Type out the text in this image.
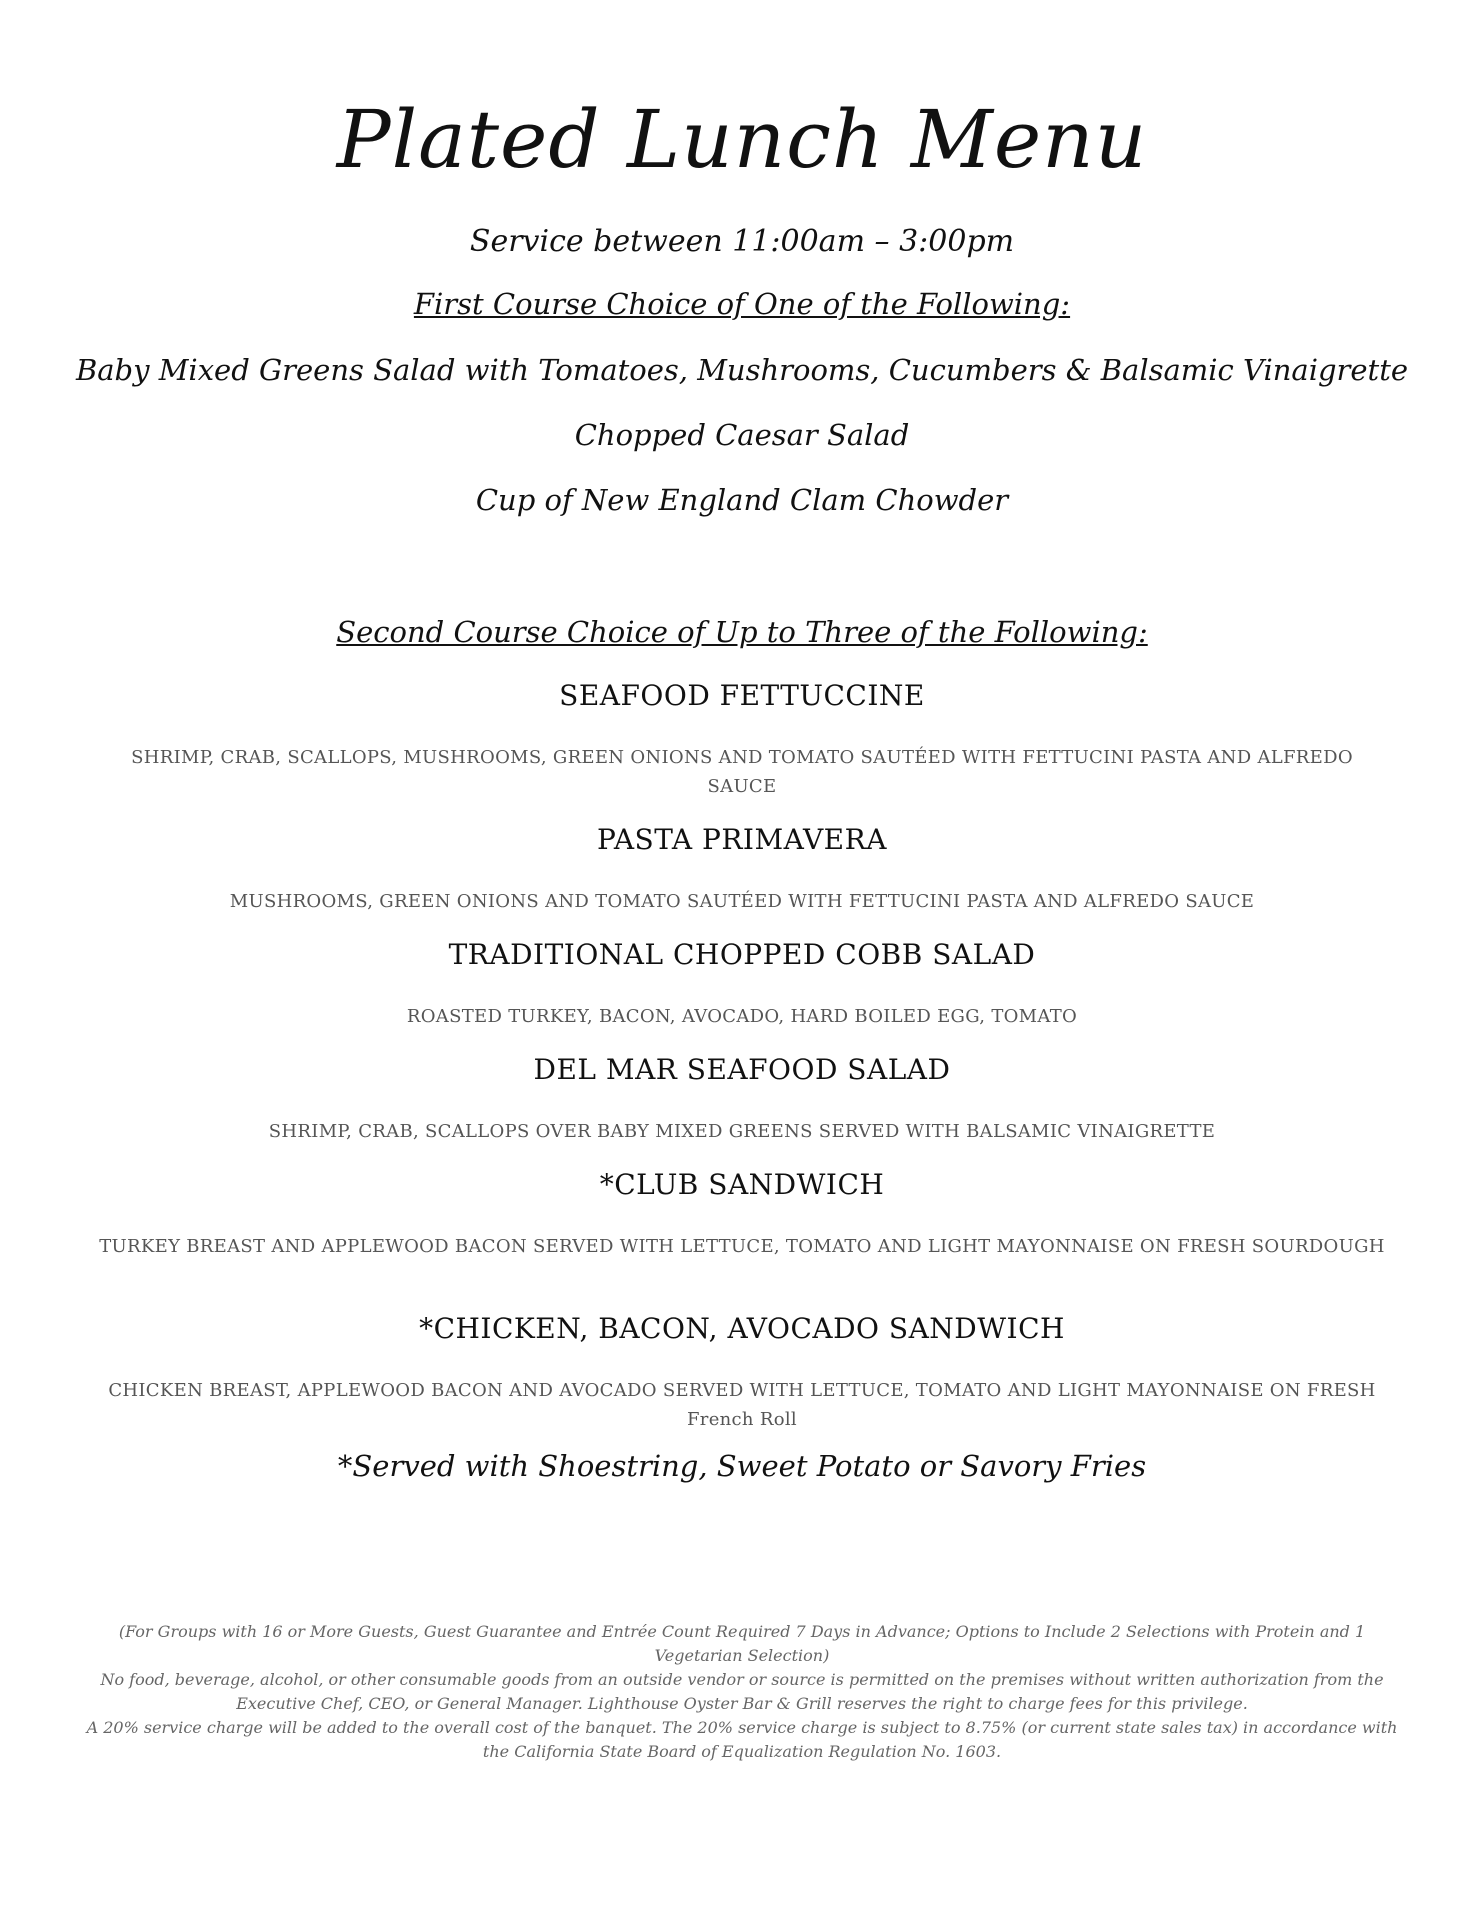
Plated Lunch Menu
Service between 11:00am – 3:00pm
First Course Choice of One of the Following:
Baby Mixed Greens Salad with Tomatoes, Mushrooms, Cucumbers & Balsamic Vinaigrette
Chopped Caesar Salad
Cup of New England Clam Chowder
Second Course Choice of Up to Three of the Following:
SEAFOOD FETTUCCINE
SHRIMP, CRAB, SCALLOPS, MUSHROOMS, GREEN ONIONS AND TOMATO SAUTÉED WITH FETTUCINI PASTA AND ALFREDO SAUCE
PASTA PRIMAVERA
MUSHROOMS, GREEN ONIONS AND TOMATO SAUTÉED WITH FETTUCINI PASTA AND ALFREDO SAUCE
TRADITIONAL CHOPPED COBB SALAD
ROASTED TURKEY, BACON, AVOCADO, HARD BOILED EGG, TOMATO
DEL MAR SEAFOOD SALAD
SHRIMP, CRAB, SCALLOPS OVER BABY MIXED GREENS SERVED WITH BALSAMIC VINAIGRETTE
*CLUB SANDWICH
TURKEY BREAST AND APPLEWOOD BACON SERVED WITH LETTUCE, TOMATO AND LIGHT MAYONNAISE ON FRESH SOURDOUGH
*CHICKEN, BACON, AVOCADO SANDWICH
CHICKEN BREAST, APPLEWOOD BACON AND AVOCADO SERVED WITH LETTUCE, TOMATO AND LIGHT MAYONNAISE ON FRESH French Roll
*Served with Shoestring, Sweet Potato or Savory Fries

(For Groups with 16 or More Guests, Guest Guarantee and Entrée Count Required 7 Days in Advance; Options to Include 2 Selections with Protein and 1 Vegetarian Selection)

No food, beverage, alcohol, or other consumable goods from an outside vendor or source is permitted on the premises without written authorization from the Executive Chef, CEO, or General Manager. Lighthouse Oyster Bar & Grill reserves the right to charge fees for this privilege.

A 20% service charge will be added to the overall cost of the banquet. The 20% service charge is subject to 8.75% (or current state sales tax) in accordance with the California State Board of Equalization Regulation No. 1603.
